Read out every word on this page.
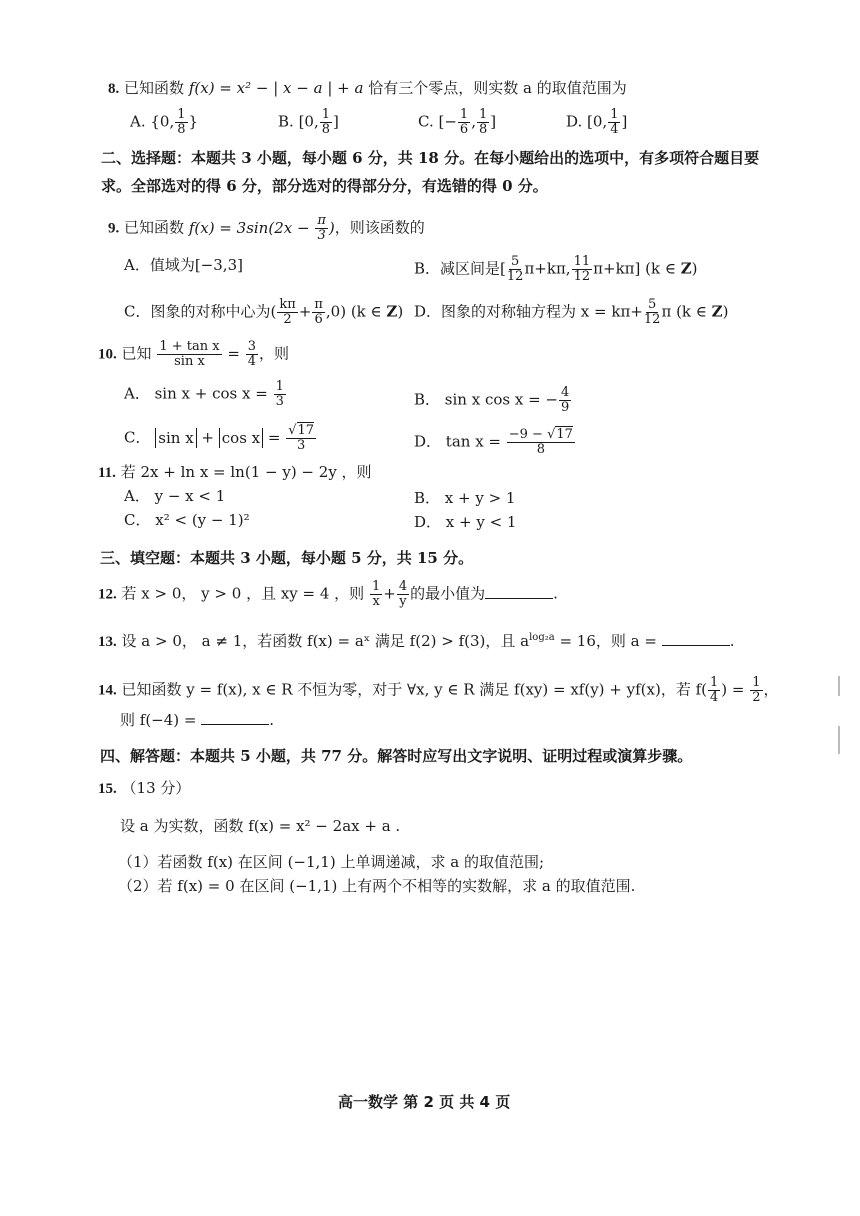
8. 已知函数 f(x) = x² − | x − a | + a 恰有三个零点，则实数 a 的取值范围为
A. {0, $\frac{1}{8}$ }	B. [0, $\frac{1}{8}$ ]	C. [− $\frac{1}{6}$ , $\frac{1}{8}$ ]	D. [0, $\frac{1}{4}$ ]
二、选择题：本题共 3 小题，每小题 6 分，共 18 分。在每小题给出的选项中，有多项符合题目要
求。全部选对的得 6 分，部分选对的得部分分，有选错的得 0 分。
9. 已知函数 $f(x) = 3\sin(2x - \frac{\pi}{3}$ )，则该函数的
A．值域为[−3,3]	B．减区间是[ $\frac{5}{12} \pi+k\pi$, $\frac{11}{12} \pi+k\pi$] (k ∈ Z)
C．图象的对称中心为( $\frac{k\pi}{2} + \frac{\pi}{6} ,0$) (k ∈ Z) D．图象的对称轴方程为 $x = k\pi+ \frac{5}{12}$ π (k ∈ Z)
10. 已知 $\frac{\text{1 + tan x}}{\text{sin x}} = \frac{3}{4}$ ，则
A． $\sin x + \cos x = \frac{1}{3}$	B． sin x cos x = − $\frac{4}{9}$
C． $\sin x + \cos x = \frac{√17}{3}$	D． $\tan x = \frac{-9 - √17}{8}$
11. 若 2x + ln x = ln(1 − y) − 2y ，则
A． y − x < 1	B． x + y > 1
C． x² < (y − 1)²	D． x + y < 1
三、填空题：本题共 3 小题，每小题 5 分，共 15 分。
12. 若 x > 0， y > 0 ，且 xy = 4 ，则 $\frac{1}{x} + \frac{4}{y}$ 的最小值为	.
13. 设 a > 0， a ≠ 1，若函数 f(x) = aˣ 满足 f(2) > f(3)，且 $a^{log_2a} = 16$，则 a =	.
14. 已知函数 y = f(x), x ∈ R 不恒为零，对于 ∀x, y ∈ R 满足 f(xy) = xf(y) + yf(x)，若 $f( \frac{1}{4}$ ) = $\frac{1}{2}$ ，
则 f(−4) =	.
四、解答题：本题共 5 小题，共 77 分。解答时应写出文字说明、证明过程或演算步骤。
15. （13 分）
设 a 为实数，函数 f(x) = x² − 2ax + a .
（1）若函数 f(x) 在区间 (−1,1) 上单调递减，求 a 的取值范围;
（2）若 f(x) = 0 在区间 (−1,1) 上有两个不相等的实数解，求 a 的取值范围.
高一数学 第 2 页 共 4 页
